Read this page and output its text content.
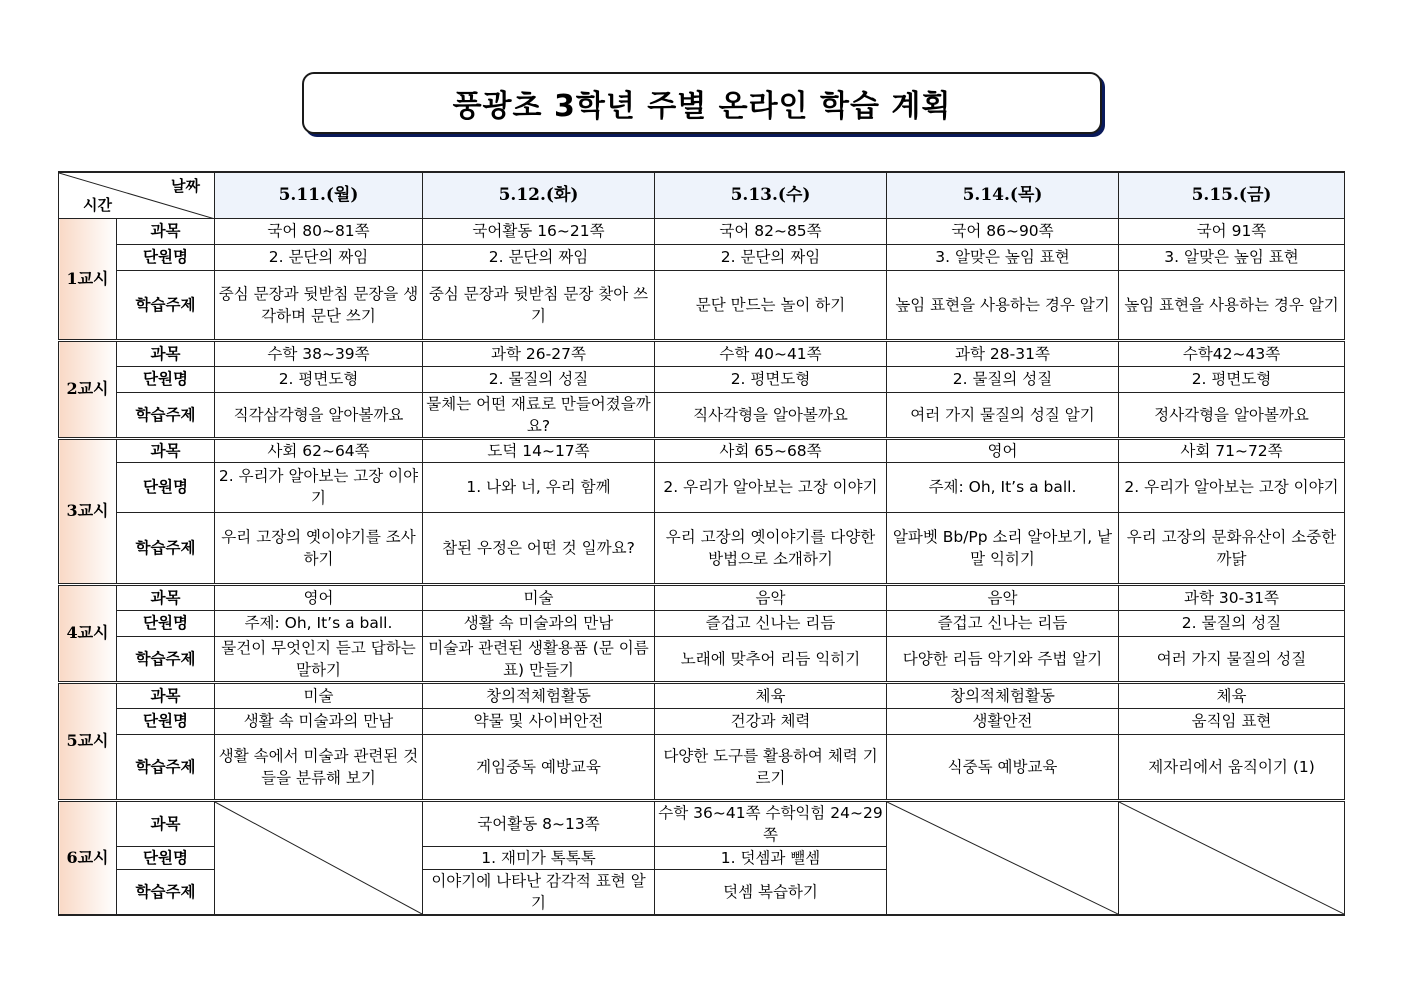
풍광초 3학년 주별 온라인 학습 계획
날짜
시간		5.11.(월)	5.12.(화)	5.13.(수)	5.14.(목)	5.15.(금)
1교시	과목	국어 80~81쪽	국어활동 16~21쪽	국어 82~85쪽	국어 86~90쪽	국어 91쪽
	단원명	2. 문단의 짜임	2. 문단의 짜임	2. 문단의 짜임	3. 알맞은 높임 표현	3. 알맞은 높임 표현
	학습주제	중심 문장과 뒷받침 문장을 생각하며 문단 쓰기	중심 문장과 뒷받침 문장 찾아 쓰기	문단 만드는 놀이 하기	높임 표현을 사용하는 경우 알기	높임 표현을 사용하는 경우 알기
2교시	과목	수학 38~39쪽	과학 26-27쪽	수학 40~41쪽	과학 28-31쪽	수학42~43쪽
	단원명	2. 평면도형	2. 물질의 성질	2. 평면도형	2. 물질의 성질	2. 평면도형
	학습주제	직각삼각형을 알아볼까요	물체는 어떤 재료로 만들어졌을까요?	직사각형을 알아볼까요	여러 가지 물질의 성질 알기	정사각형을 알아볼까요
3교시	과목	사회 62~64쪽	도덕 14~17쪽	사회 65~68쪽	영어	사회 71~72쪽
	단원명	2. 우리가 알아보는 고장 이야기	1. 나와 너, 우리 함께	2. 우리가 알아보는 고장 이야기	주제: Oh, It’s a ball.	2. 우리가 알아보는 고장 이야기
	학습주제	우리 고장의 옛이야기를 조사하기	참된 우정은 어떤 것 일까요?	우리 고장의 옛이야기를 다양한 방법으로 소개하기	알파벳 Bb/Pp 소리 알아보기, 낱말 익히기	우리 고장의 문화유산이 소중한 까닭
4교시	과목	영어	미술	음악	음악	과학 30-31쪽
	단원명	주제: Oh, It’s a ball.	생활 속 미술과의 만남	즐겁고 신나는 리듬	즐겁고 신나는 리듬	2. 물질의 성질
	학습주제	물건이 무엇인지 듣고 답하는 말하기	미술과 관련된 생활용품 (문 이름표) 만들기	노래에 맞추어 리듬 익히기	다양한 리듬 악기와 주법 알기	여러 가지 물질의 성질
5교시	과목	미술	창의적체험활동	체육	창의적체험활동	체육
	단원명	생활 속 미술과의 만남	약물 및 사이버안전	건강과 체력	생활안전	움직임 표현
	학습주제	생활 속에서 미술과 관련된 것들을 분류해 보기	게임중독 예방교육	다양한 도구를 활용하여 체력 기르기	식중독 예방교육	제자리에서 움직이기 (1)
6교시	과목		국어활동 8~13쪽	수학 36~41쪽 수학익힘 24~29쪽	

	단원명		1. 재미가 톡톡톡	1. 덧셈과 뺄셈		
	학습주제		이야기에 나타난 감각적 표현 알기	덧셈 복습하기		
